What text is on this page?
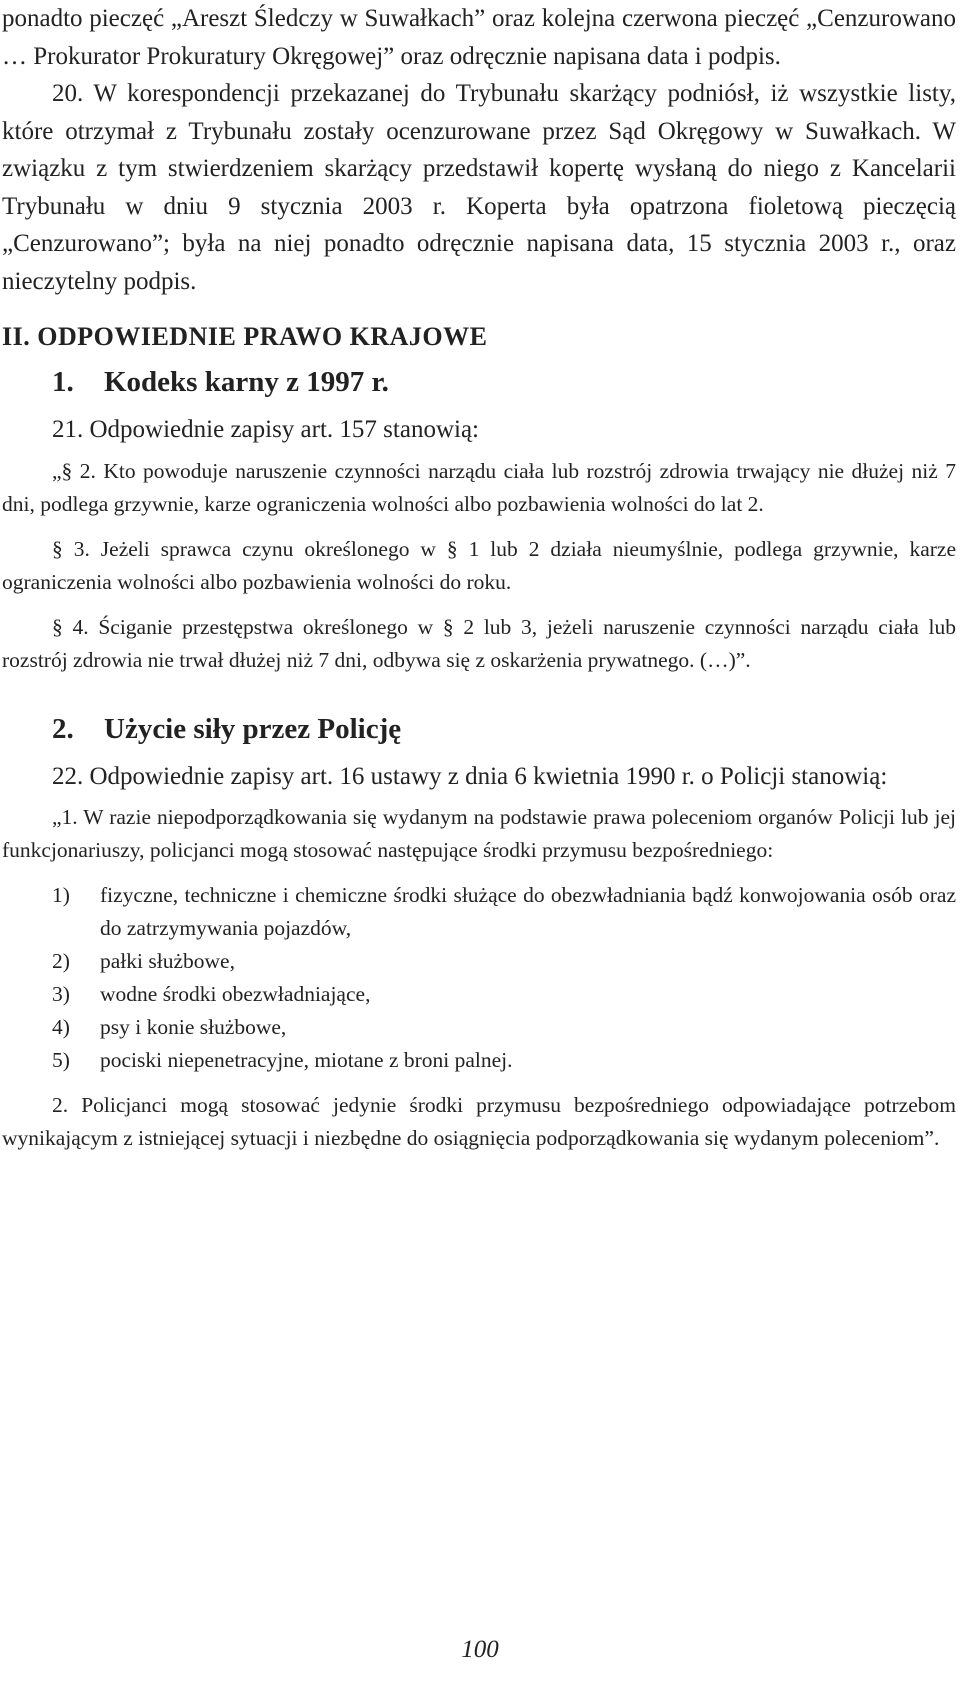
ponadto pieczęć „Areszt Śledczy w Suwałkach” oraz kolejna czerwona pieczęć „Cenzurowano … Prokurator Prokuratury Okręgowej” oraz odręcznie napisana data i podpis.

20. W korespondencji przekazanej do Trybunału skarżący podniósł, iż wszystkie listy, które otrzymał z Trybunału zostały ocenzurowane przez Sąd Okręgowy w Suwałkach. W związku z tym stwierdzeniem skarżący przedstawił kopertę wysłaną do niego z Kancelarii Trybunału w dniu 9 stycznia 2003 r. Koperta była opatrzona fioletową pieczęcią „Cenzurowano”; była na niej ponadto odręcznie napisana data, 15 stycznia 2003 r., oraz nieczytelny podpis.

II. ODPOWIEDNIE PRAWO KRAJOWE
1.	Kodeks karny z 1997 r.

21. Odpowiednie zapisy art. 157 stanowią:

„§ 2. Kto powoduje naruszenie czynności narządu ciała lub rozstrój zdrowia trwający nie dłużej niż 7 dni, podlega grzywnie, karze ograniczenia wolności albo pozbawienia wolności do lat 2.

§ 3. Jeżeli sprawca czynu określonego w § 1 lub 2 działa nieumyślnie, podlega grzywnie, karze ograniczenia wolności albo pozbawienia wolności do roku.

§ 4. Ściganie przestępstwa określonego w § 2 lub 3, jeżeli naruszenie czynności narządu ciała lub rozstrój zdrowia nie trwał dłużej niż 7 dni, odbywa się z oskarżenia prywatnego. (…)”.

2.	Użycie siły przez Policję

22. Odpowiednie zapisy art. 16 ustawy z dnia 6 kwietnia 1990 r. o Policji stanowią:

„1. W razie niepodporządkowania się wydanym na podstawie prawa poleceniom organów Policji lub jej funkcjonariuszy, policjanci mogą stosować następujące środki przymusu bezpośredniego:

1)	fizyczne, techniczne i chemiczne środki służące do obezwładniania bądź konwojowania osób oraz do zatrzymywania pojazdów,
2)	pałki służbowe,
3)	wodne środki obezwładniające,
4)	psy i konie służbowe,
5)	pociski niepenetracyjne, miotane z broni palnej.

2. Policjanci mogą stosować jedynie środki przymusu bezpośredniego odpowiadające potrzebom wynikającym z istniejącej sytuacji i niezbędne do osiągnięcia podporządkowania się wydanym poleceniom”.

100
